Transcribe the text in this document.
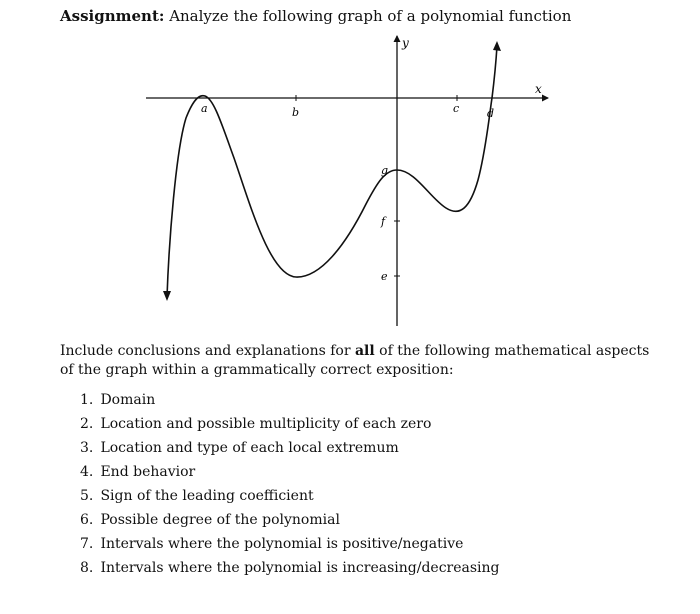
Assignment: Analyze the following graph of a polynomial function
y
x
a	b	c	d
g
f
e
Include conclusions and explanations for all of the following mathematical aspects of the graph within a grammatically correct exposition:
1. Domain
2. Location and possible multiplicity of each zero
3. Location and type of each local extremum
4. End behavior
5. Sign of the leading coefficient
6. Possible degree of the polynomial
7. Intervals where the polynomial is positive/negative
8. Intervals where the polynomial is increasing/decreasing
